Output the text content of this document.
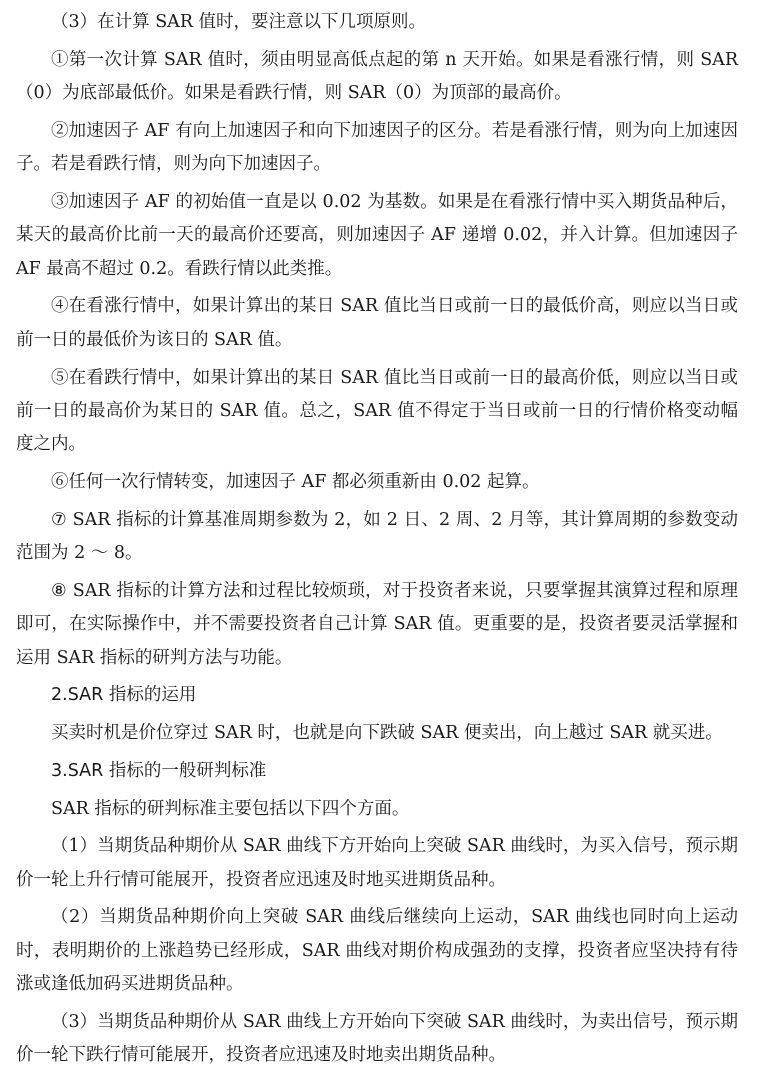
（3）在计算 SAR 值时，要注意以下几项原则。

①第一次计算 SAR 值时，须由明显高低点起的第 n 天开始。如果是看涨行情，则 SAR（0）为底部最低价。如果是看跌行情，则 SAR（0）为顶部的最高价。

②加速因子 AF 有向上加速因子和向下加速因子的区分。若是看涨行情，则为向上加速因子。若是看跌行情，则为向下加速因子。

③加速因子 AF 的初始值一直是以 0.02 为基数。如果是在看涨行情中买入期货品种后，某天的最高价比前一天的最高价还要高，则加速因子 AF 递增 0.02，并入计算。但加速因子 AF 最高不超过 0.2。看跌行情以此类推。

④在看涨行情中，如果计算出的某日 SAR 值比当日或前一日的最低价高，则应以当日或前一日的最低价为该日的 SAR 值。

⑤在看跌行情中，如果计算出的某日 SAR 值比当日或前一日的最高价低，则应以当日或前一日的最高价为某日的 SAR 值。总之，SAR 值不得定于当日或前一日的行情价格变动幅度之内。

⑥任何一次行情转变，加速因子 AF 都必须重新由 0.02 起算。

⑦ SAR 指标的计算基准周期参数为 2，如 2 日、2 周、2 月等，其计算周期的参数变动范围为 2 ～ 8。

⑧ SAR 指标的计算方法和过程比较烦琐，对于投资者来说，只要掌握其演算过程和原理即可，在实际操作中，并不需要投资者自己计算 SAR 值。更重要的是，投资者要灵活掌握和运用 SAR 指标的研判方法与功能。

2.SAR 指标的运用

买卖时机是价位穿过 SAR 时，也就是向下跌破 SAR 便卖出，向上越过 SAR 就买进。

3.SAR 指标的一般研判标准

SAR 指标的研判标准主要包括以下四个方面。

（1）当期货品种期价从 SAR 曲线下方开始向上突破 SAR 曲线时，为买入信号，预示期价一轮上升行情可能展开，投资者应迅速及时地买进期货品种。

（2）当期货品种期价向上突破 SAR 曲线后继续向上运动，SAR 曲线也同时向上运动时，表明期价的上涨趋势已经形成，SAR 曲线对期价构成强劲的支撑，投资者应坚决持有待涨或逢低加码买进期货品种。

（3）当期货品种期价从 SAR 曲线上方开始向下突破 SAR 曲线时，为卖出信号，预示期价一轮下跌行情可能展开，投资者应迅速及时地卖出期货品种。
